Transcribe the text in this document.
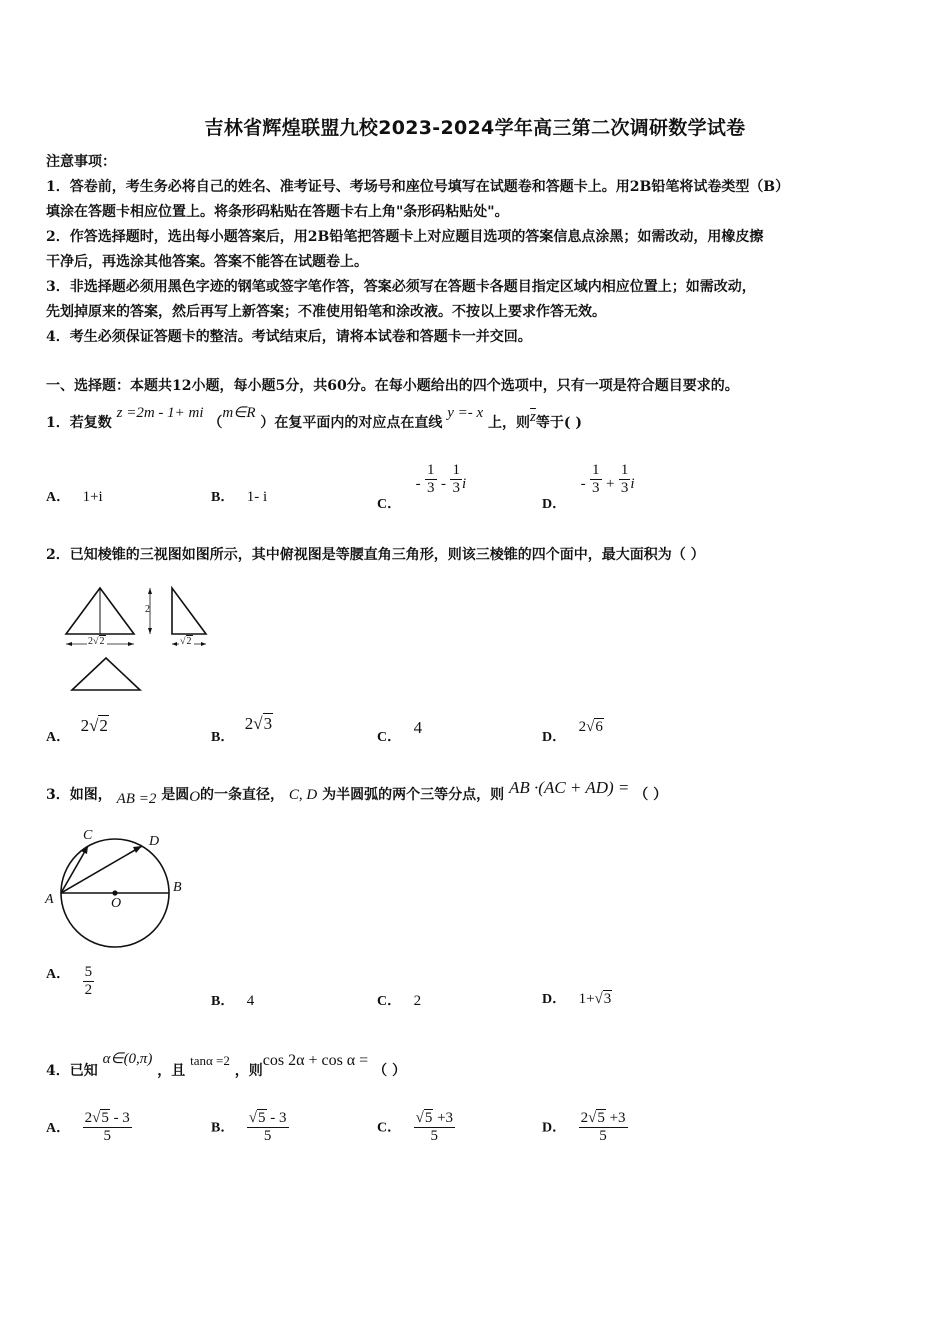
吉林省辉煌联盟九校2023-2024学年高三第二次调研数学试卷
注意事项：
1．答卷前，考生务必将自己的姓名、准考证号、考场号和座位号填写在试题卷和答题卡上。用2B铅笔将试卷类型（B）
填涂在答题卡相应位置上。将条形码粘贴在答题卡右上角"条形码粘贴处"。
2．作答选择题时，选出每小题答案后，用2B铅笔把答题卡上对应题目选项的答案信息点涂黑；如需改动，用橡皮擦
干净后，再选涂其他答案。答案不能答在试题卷上。
3．非选择题必须用黑色字迹的钢笔或签字笔作答，答案必须写在答题卡各题目指定区域内相应位置上；如需改动，
先划掉原来的答案，然后再写上新答案；不准使用铅笔和涂改液。不按以上要求作答无效。
4．考生必须保证答题卡的整洁。考试结束后，请将本试卷和答题卡一并交回。
一、选择题：本题共12小题，每小题5分，共60分。在每小题给出的四个选项中，只有一项是符合题目要求的。
1．若复数 z =2m - 1+ mi （m∈R ）在复平面内的对应点在直线 y =- x 上，则$\overline{z}$等于( )
A． 1+i	B． 1- i	C． - $\frac{1}{3} - \frac{1}{3}$ i
D． - $\frac{1}{3} + \frac{1}{3}$ i
2．已知棱锥的三视图如图所示，其中俯视图是等腰直角三角形，则该三棱锥的四个面中，最大面积为（ ）
2√2
2
√2
A． 2√2
B． 2√3
C． 4
D． 2√6
3．如图， AB =2 是圆O的一条直径， C, D 为半圆弧的两个三等分点，则 AB ·(AC + AD) = （ ）
A
B
C	D
O
A． $\frac{5}{2}$
B． 4	C． 2	D． 1+√3
4．已知 α∈(0,π) ，且 tanα =2 ，则cos 2α + cos α = （ ）
A． $\frac{2√5 - 3}{5}$	B． $\frac{√5 - 3}{5}$	C． $\frac{√5 +3}{5}$	D． $\frac{2√5 +3}{5}$
